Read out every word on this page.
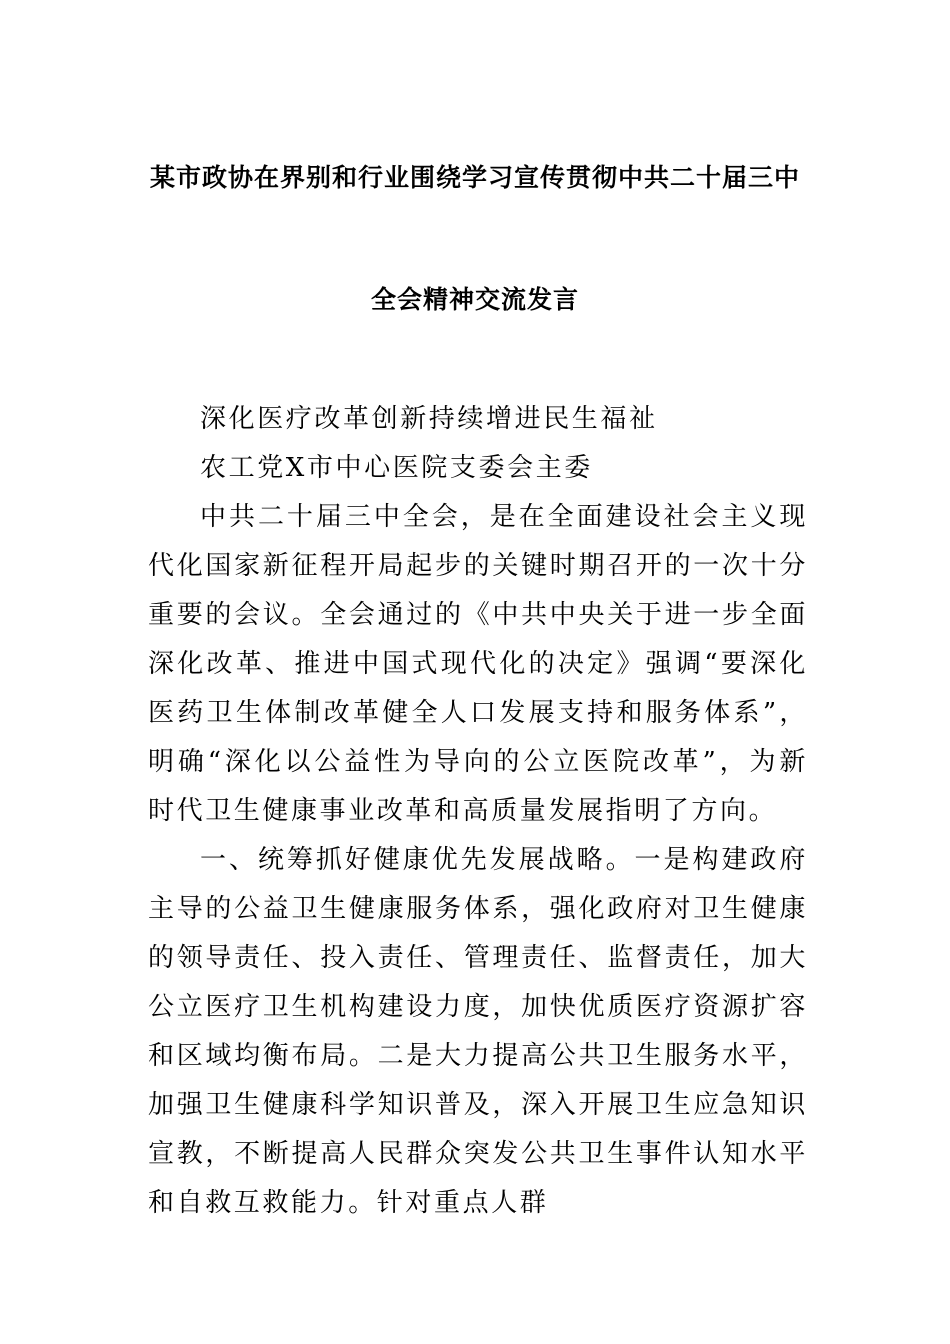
某市政协在界别和行业围绕学习宣传贯彻中共二十届三中
全会精神交流发言

深化医疗改革创新持续增进民生福祉

农工党X市中心医院支委会主委

中共二十届三中全会，是在全面建设社会主义现代化国家新征程开局起步的关键时期召开的一次十分重要的会议。全会通过的《中共中央关于进一步全面深化改革、推进中国式现代化的决定》强调“要深化医药卫生体制改革健全人口发展支持和服务体系”，明确“深化以公益性为导向的公立医院改革”，为新时代卫生健康事业改革和高质量发展指明了方向。

一、统筹抓好健康优先发展战略。一是构建政府主导的公益卫生健康服务体系，强化政府对卫生健康的领导责任、投入责任、管理责任、监督责任，加大公立医疗卫生机构建设力度，加快优质医疗资源扩容和区域均衡布局。二是大力提高公共卫生服务水平，加强卫生健康科学知识普及，深入开展卫生应急知识宣教，不断提高人民群众突发公共卫生事件认知水平和自救互救能力。针对重点人群
